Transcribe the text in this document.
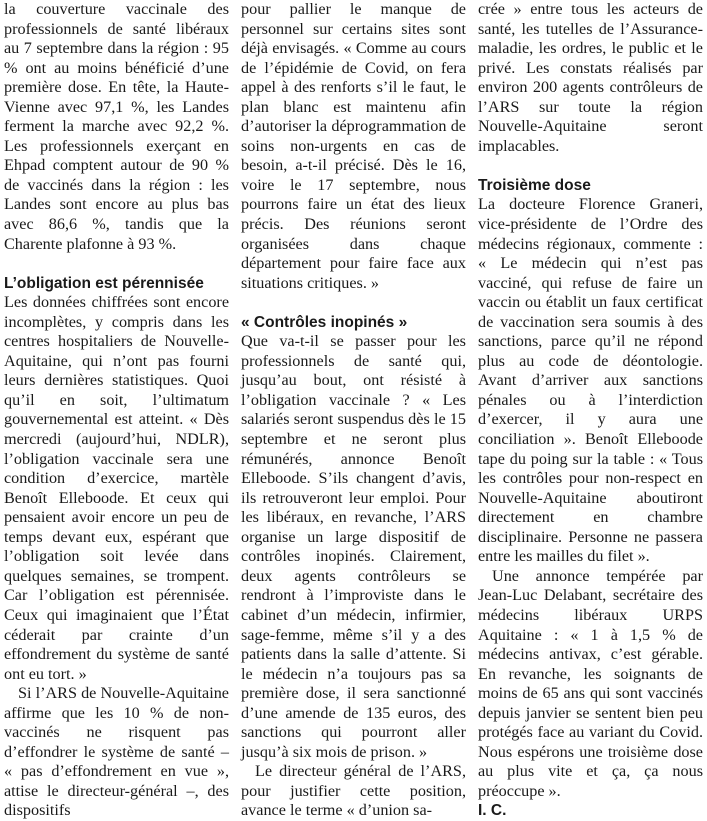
la couverture vaccinale des professionnels de santé libéraux au 7 septembre dans la région : 95 % ont au moins bénéficié d’une première dose. En tête, la Haute-Vienne avec 97,1 %, les Landes ferment la marche avec 92,2 %. Les professionnels exerçant en Ehpad comptent autour de 90 % de vaccinés dans la région : les Landes sont encore au plus bas avec 86,6 %, tandis que la Charente plafonne à 93 %.

L’obligation est pérennisée

Les données chiffrées sont encore incomplètes, y compris dans les centres hospitaliers de Nouvelle-Aquitaine, qui n’ont pas fourni leurs dernières statistiques. Quoi qu’il en soit, l’ultimatum gouvernemental est atteint. « Dès mercredi (aujourd’hui, NDLR), l’obligation vaccinale sera une condition d’exercice, martèle Benoît Elleboode. Et ceux qui pensaient avoir encore un peu de temps devant eux, espérant que l’obligation soit levée dans quelques semaines, se trompent. Car l’obligation est pérennisée. Ceux qui imaginaient que l’État céderait par crainte d’un effondrement du système de santé ont eu tort. »

Si l’ARS de Nouvelle-Aquitaine affirme que les 10 % de non-vaccinés ne risquent pas d’effondrer le système de santé – « pas d’effondrement en vue », attise le directeur-général –, des dispositifs

pour pallier le manque de personnel sur certains sites sont déjà envisagés. « Comme au cours de l’épidémie de Covid, on fera appel à des renforts s’il le faut, le plan blanc est maintenu afin d’autoriser la déprogrammation de soins non-urgents en cas de besoin, a-t-il précisé. Dès le 16, voire le 17 septembre, nous pourrons faire un état des lieux précis. Des réunions seront organisées dans chaque département pour faire face aux situations critiques. »

« Contrôles inopinés »

Que va-t-il se passer pour les professionnels de santé qui, jusqu’au bout, ont résisté à l’obligation vaccinale ? « Les salariés seront suspendus dès le 15 septembre et ne seront plus rémunérés, annonce Benoît Elleboode. S’ils changent d’avis, ils retrouveront leur emploi. Pour les libéraux, en revanche, l’ARS organise un large dispositif de contrôles inopinés. Clairement, deux agents contrôleurs se rendront à l’improviste dans le cabinet d’un médecin, infirmier, sage-femme, même s’il y a des patients dans la salle d’attente. Si le médecin n’a toujours pas sa première dose, il sera sanctionné d’une amende de 135 euros, des sanctions qui pourront aller jusqu’à six mois de prison. »

Le directeur général de l’ARS, pour justifier cette position, avance le terme « d’union sa-

crée » entre tous les acteurs de santé, les tutelles de l’Assurance-maladie, les ordres, le public et le privé. Les constats réalisés par environ 200 agents contrôleurs de l’ARS sur toute la région Nouvelle-Aquitaine seront implacables.

Troisième dose

La docteure Florence Graneri, vice-présidente de l’Ordre des médecins régionaux, commente : « Le médecin qui n’est pas vacciné, qui refuse de faire un vaccin ou établit un faux certificat de vaccination sera soumis à des sanctions, parce qu’il ne répond plus au code de déontologie. Avant d’arriver aux sanctions pénales ou à l’interdiction d’exercer, il y aura une conciliation ». Benoît Elleboode tape du poing sur la table : « Tous les contrôles pour non-respect en Nouvelle-Aquitaine aboutiront directement en chambre disciplinaire. Personne ne passera entre les mailles du filet ».

Une annonce tempérée par Jean-Luc Delabant, secrétaire des médecins libéraux URPS Aquitaine : « 1 à 1,5 % de médecins antivax, c’est gérable. En revanche, les soignants de moins de 65 ans qui sont vaccinés depuis janvier se sentent bien peu protégés face au variant du Covid. Nous espérons une troisième dose au plus vite et ça, ça nous préoccupe ».

I. C.
